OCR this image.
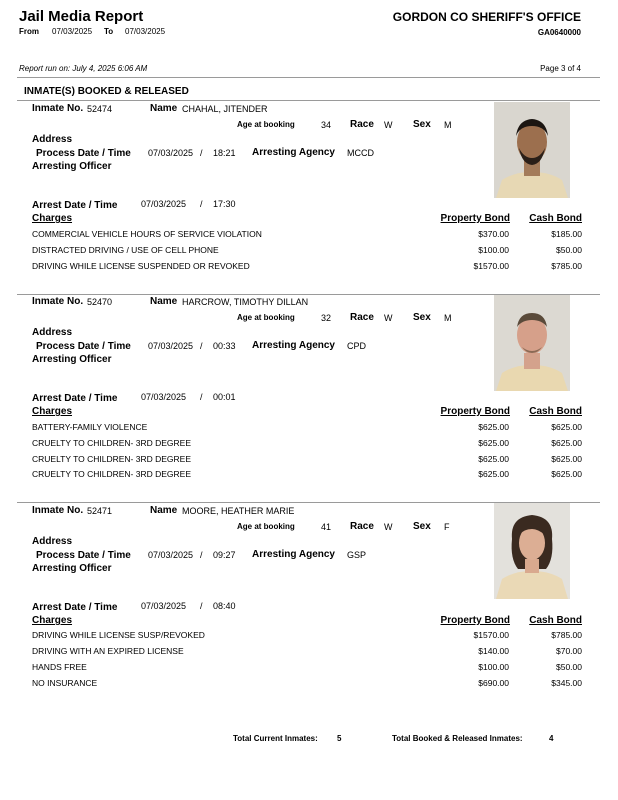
Jail Media Report
From 07/03/2025 To 07/03/2025
GORDON CO SHERIFF'S OFFICE
GA0640000
Report run on: July 4, 2025 6:06 AM	Page 3 of 4
INMATE(S) BOOKED & RELEASED
Inmate No. 52474	Name CHAHAL, JITENDER
Age at booking	34 Race W Sex M
Address
Process Date / Time 07/03/2025 / 18:21 Arresting Agency MCCD
Arresting Officer
Arrest Date / Time	07/03/2025 / 17:30
Charges	Property Bond Cash Bond
COMMERCIAL VEHICLE HOURS OF SERVICE VIOLATION	$370.00	$185.00
DISTRACTED DRIVING / USE OF CELL PHONE	$100.00	$50.00
DRIVING WHILE LICENSE SUSPENDED OR REVOKED	$1570.00	$785.00
Inmate No. 52470	Name HARCROW, TIMOTHY DILLAN
Age at booking	32 Race W Sex M
Address
Process Date / Time 07/03/2025 / 00:33 Arresting Agency CPD
Arresting Officer
Arrest Date / Time	07/03/2025 / 00:01
Charges	Property Bond Cash Bond
BATTERY-FAMILY VIOLENCE	$625.00	$625.00
CRUELTY TO CHILDREN- 3RD DEGREE	$625.00	$625.00
CRUELTY TO CHILDREN- 3RD DEGREE	$625.00	$625.00
CRUELTY TO CHILDREN- 3RD DEGREE	$625.00	$625.00
Inmate No. 52471	Name MOORE, HEATHER MARIE
Age at booking	41 Race W Sex F
Address
Process Date / Time 07/03/2025 / 09:27 Arresting Agency GSP
Arresting Officer
Arrest Date / Time	07/03/2025 / 08:40
Charges	Property Bond Cash Bond
DRIVING WHILE LICENSE SUSP/REVOKED	$1570.00	$785.00
DRIVING WITH AN EXPIRED LICENSE	$140.00	$70.00
HANDS FREE	$100.00	$50.00
NO INSURANCE	$690.00	$345.00
Total Current Inmates: 5	Total Booked & Released Inmates:	4
